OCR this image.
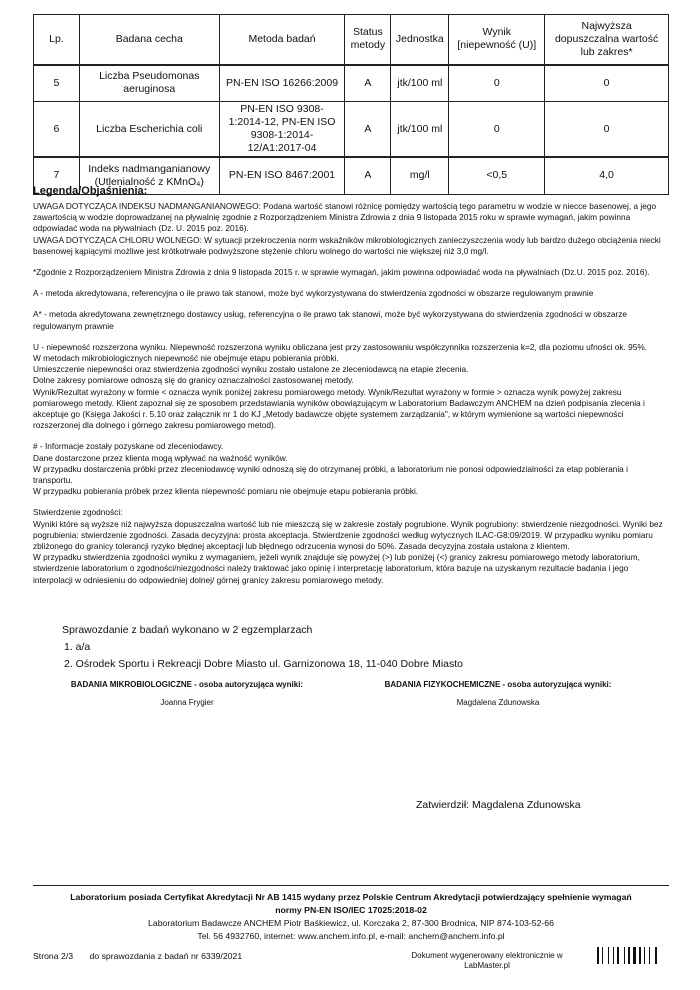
Lp.	Badana cecha	Metoda badań	Status metody	Jednostka	Wynik [niepewność (U)]	Najwyższa dopuszczalna wartość lub zakres*
5	Liczba Pseudomonas aeruginosa	PN-EN ISO 16266:2009	A	jtk/100 ml	0	0
6	Liczba Escherichia coli	PN-EN ISO 9308-1:2014-12, PN-EN ISO 9308-1:2014-12/A1:2017-04	A	jtk/100 ml	0	0
7	Indeks nadmanganianowy (Utlenialność z KMnO₄)	PN-EN ISO 8467:2001	A	mg/l	<0,5	4,0
Legenda/Objaśnienia:

UWAGA DOTYCZĄCA INDEKSU NADMANGANIANOWEGO: Podana wartość stanowi różnicę pomiędzy wartością tego parametru w wodzie w niecce basenowej, a jego zawartością w wodzie doprowadzanej na pływalnię zgodnie z Rozporządzeniem Ministra Zdrowia z dnia 9 listopada 2015 roku w sprawie wymagań, jakim powinna odpowiadać woda na pływalniach (Dz. U. 2015 poz. 2016).
UWAGA DOTYCZĄCA CHLORU WOLNEGO: W sytuacji przekroczenia norm wskaźników mikrobiologicznych zanieczyszczenia wody lub bardzo dużego obciążenia niecki basenowej kąpiącymi możliwe jest krótkotrwałe podwyższone stężenie chloru wolnego do wartości nie większej niż 3,0 mg/l.

*Zgodnie z Rozporządzeniem Ministra Zdrowia z dnia 9 listopada 2015 r. w sprawie wymagań, jakim powinna odpowiadać woda na pływalniach (Dz.U. 2015 poz. 2016).

A - metoda akredytowana, referencyjna o ile prawo tak stanowi, może być wykorzystywana do stwierdzenia zgodności w obszarze regulowanym prawnie

A* - metoda akredytowana zewnętrznego dostawcy usług, referencyjna o ile prawo tak stanowi, może być wykorzystywana do stwierdzenia zgodności w obszarze regulowanym prawnie

U - niepewność rozszerzona wyniku. Niepewność rozszerzona wyniku obliczana jest przy zastosowaniu współczynnika rozszerzenia k=2, dla poziomu ufności ok. 95%.
W metodach mikrobiologicznych niepewność nie obejmuje etapu pobierania próbki.
Umieszczenie niepewności oraz stwierdzenia zgodności wyniku zostało ustalone ze zleceniodawcą na etapie zlecenia.
Dolne zakresy pomiarowe odnoszą się do granicy oznaczalności zastosowanej metody.
Wynik/Rezultat wyrażony w formie < oznacza wynik poniżej zakresu pomiarowego metody. Wynik/Rezultat wyrażony w formie > oznacza wynik powyżej zakresu pomiarowego metody. Klient zapoznał się ze sposobem przedstawiania wyników obowiązującym w Laboratorium Badawczym ANCHEM na dzień podpisania zlecenia i akceptuje go (Księga Jakości r. 5.10 oraz załącznik nr 1 do KJ „Metody badawcze objęte systemem zarządzania", w którym wymienione są wartości niepewności rozszerzonej dla dolnego i górnego zakresu pomiarowego metod).

# - Informacje zostały pozyskane od zleceniodawcy.
Dane dostarczone przez klienta mogą wpływać na ważność wyników.
W przypadku dostarczenia próbki przez zleceniodawcę wyniki odnoszą się do otrzymanej próbki, a laboratorium nie ponosi odpowiedzialności za etap pobierania i transportu.
W przypadku pobierania próbek przez klienta niepewność pomiaru nie obejmuje etapu pobierania próbki.

Stwierdzenie zgodności:
Wyniki które są wyższe niż najwyższa dopuszczalna wartość lub nie mieszczą się w zakresie zostały pogrubione. Wynik pogrubiony: stwierdzenie niezgodności. Wyniki bez pogrubienia: stwierdzenie zgodności. Zasada decyzyjna: prosta akceptacja. Stwierdzenie zgodności według wytycznych ILAC-G8:09/2019. W przypadku wyniku pomiaru zbliżonego do granicy tolerancji ryzyko błędnej akceptacji lub błędnego odrzucenia wynosi do 50%. Zasada decyzyjna została ustalona z klientem.
W przypadku stwierdzenia zgodności wyniku z wymaganiem, jeżeli wynik znajduje się powyżej (>) lub poniżej (<) granicy zakresu pomiarowego metody laboratorium, stwierdzenie laboratorium o zgodności/niezgodności należy traktować jako opinię i interpretację laboratorium, która bazuje na uzyskanym rezultacie badania i jego interpolacji w odniesieniu do odpowiedniej dolnej/ górnej granicy zakresu pomiarowego metody.

Sprawozdanie z badań wykonano w 2 egzemplarzach

1. a/a

2. Ośrodek Sportu i Rekreacji Dobre Miasto ul. Garnizonowa 18, 11-040 Dobre Miasto

BADANIA MIKROBIOLOGICZNE - osoba autoryzująca wyniki:
Joanna Frygier
BADANIA FIZYKOCHEMICZNE - osoba autoryzująca wyniki:
Magdalena Zdunowska
Zatwierdził: Magdalena Zdunowska

Laboratorium posiada Certyfikat Akredytacji Nr AB 1415 wydany przez Polskie Centrum Akredytacji potwierdzający spełnienie wymagań

normy PN-EN ISO/IEC 17025:2018-02

Laboratorium Badawcze ANCHEM Piotr Baśkiewicz, ul. Korczaka 2, 87-300 Brodnica, NIP 874-103-52-66

Tel. 56 4932760, internet: www.anchem.info.pl, e-mail: anchem@anchem.info.pl

Strona 2/3 do sprawozdania z badań nr 6339/2021	Dokument wygenerowany elektronicznie w LabMaster.pl
